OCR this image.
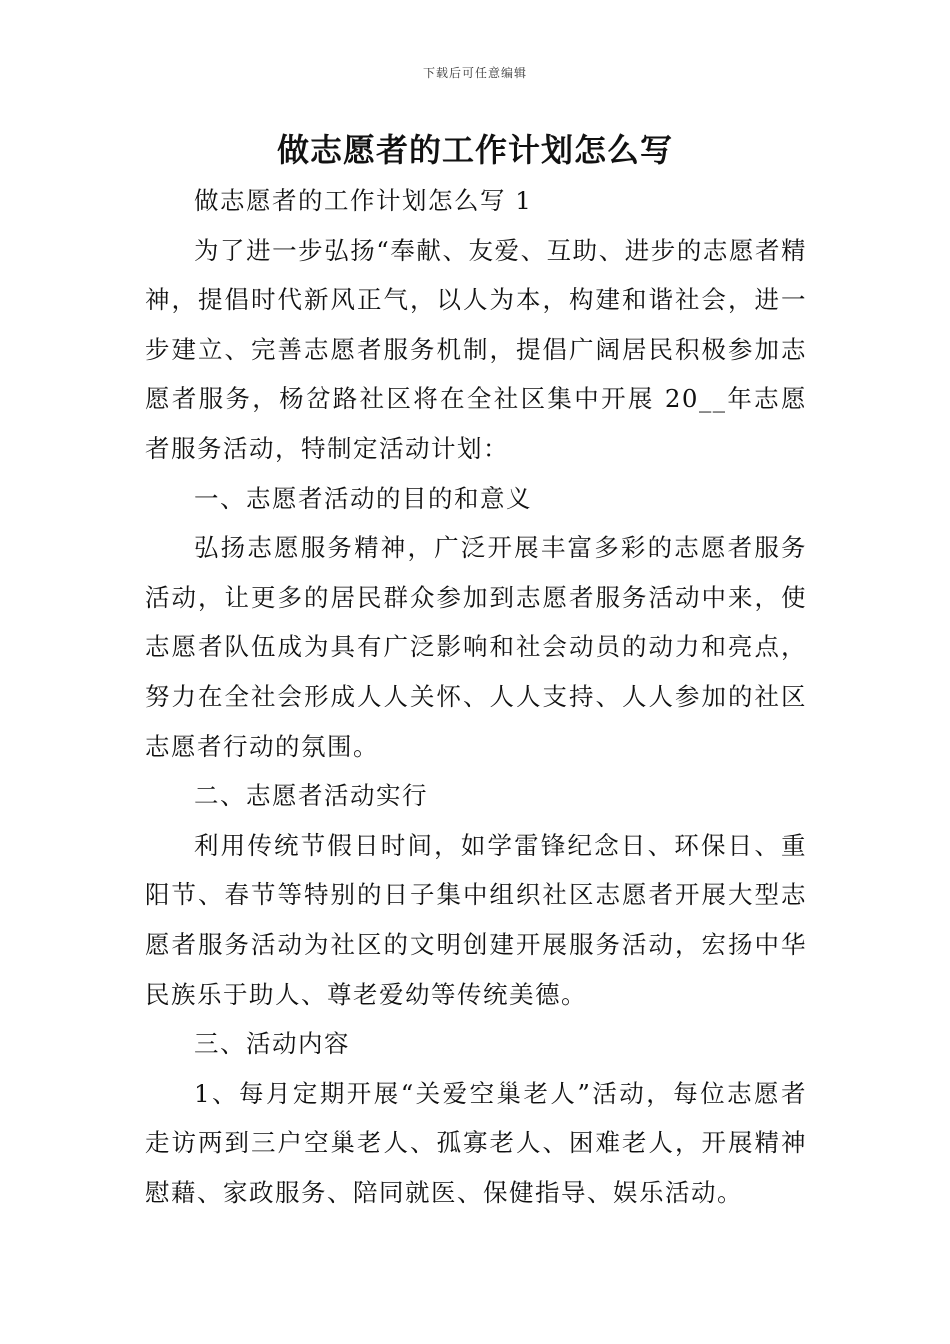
下载后可任意编辑
做志愿者的工作计划怎么写

做志愿者的工作计划怎么写 1

为了进一步弘扬“奉献、友爱、互助、进步的志愿者精神，提倡时代新风正气，以人为本，构建和谐社会，进一步建立、完善志愿者服务机制，提倡广阔居民积极参加志愿者服务，杨岔路社区将在全社区集中开展 20__年志愿者服务活动，特制定活动计划：

一、志愿者活动的目的和意义

弘扬志愿服务精神，广泛开展丰富多彩的志愿者服务活动，让更多的居民群众参加到志愿者服务活动中来，使志愿者队伍成为具有广泛影响和社会动员的动力和亮点，努力在全社会形成人人关怀、人人支持、人人参加的社区志愿者行动的氛围。

二、志愿者活动实行

利用传统节假日时间，如学雷锋纪念日、环保日、重阳节、春节等特别的日子集中组织社区志愿者开展大型志愿者服务活动为社区的文明创建开展服务活动，宏扬中华民族乐于助人、尊老爱幼等传统美德。

三、活动内容

1、每月定期开展“关爱空巢老人”活动，每位志愿者走访两到三户空巢老人、孤寡老人、困难老人，开展精神慰藉、家政服务、陪同就医、保健指导、娱乐活动。
